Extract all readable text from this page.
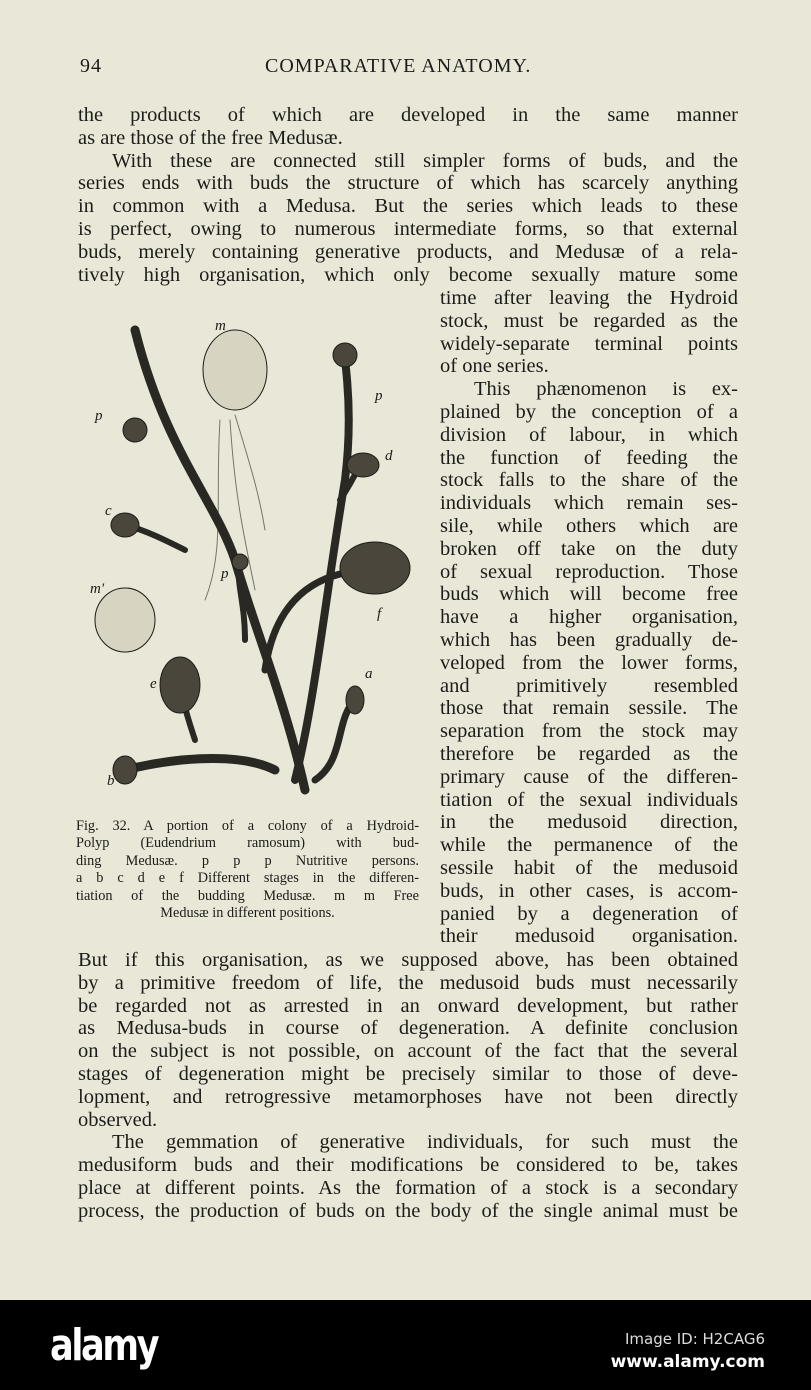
94	COMPARATIVE ANATOMY.
the products of which are developed in the same manner
as are those of the free Medusæ.
With these are connected still simpler forms of buds, and the
series ends with buds the structure of which has scarcely anything
in common with a Medusa. But the series which leads to these
is perfect, owing to numerous intermediate forms, so that external
buds, merely containing generative products, and Medusæ of a rela-
tively high organisation, which only become sexually mature some
time after leaving the Hydroid
stock, must be regarded as the
widely-separate terminal points
of one series.
This phænomenon is ex-
plained by the conception of a
division of labour, in which
the function of feeding the
stock falls to the share of the
individuals which remain ses-
sile, while others which are
broken off take on the duty
of sexual reproduction. Those
buds which will become free
have a higher organisation,
which has been gradually de-
veloped from the lower forms,
and primitively resembled
those that remain sessile. The
separation from the stock may
therefore be regarded as the
primary cause of the differen-
tiation of the sexual individuals
in the medusoid direction,
while the permanence of the
sessile habit of the medusoid
buds, in other cases, is accom-
panied by a degeneration of
their medusoid organisation.
But if this organisation, as we supposed above, has been obtained
by a primitive freedom of life, the medusoid buds must necessarily
be regarded not as arrested in an onward development, but rather
as Medusa-buds in course of degeneration. A definite conclusion
on the subject is not possible, on account of the fact that the several
stages of degeneration might be precisely similar to those of deve-
lopment, and retrogressive metamorphoses have not been directly
observed.
The gemmation of generative individuals, for such must the
medusiform buds and their modifications be considered to be, takes
place at different points. As the formation of a stock is a secondary
process, the production of buds on the body of the single animal must be
Fig. 32. A portion of a colony of a Hydroid-
Polyp (Eudendrium ramosum) with bud-
ding Medusæ. p p p Nutritive persons.
a b c d e f Different stages in the differen-
tiation of the budding Medusæ. m m Free
Medusæ in different positions.
m
p
p
p
d
c
m'
f
e
a
b
alamy	Image ID: H2CAG6
www.alamy.com
